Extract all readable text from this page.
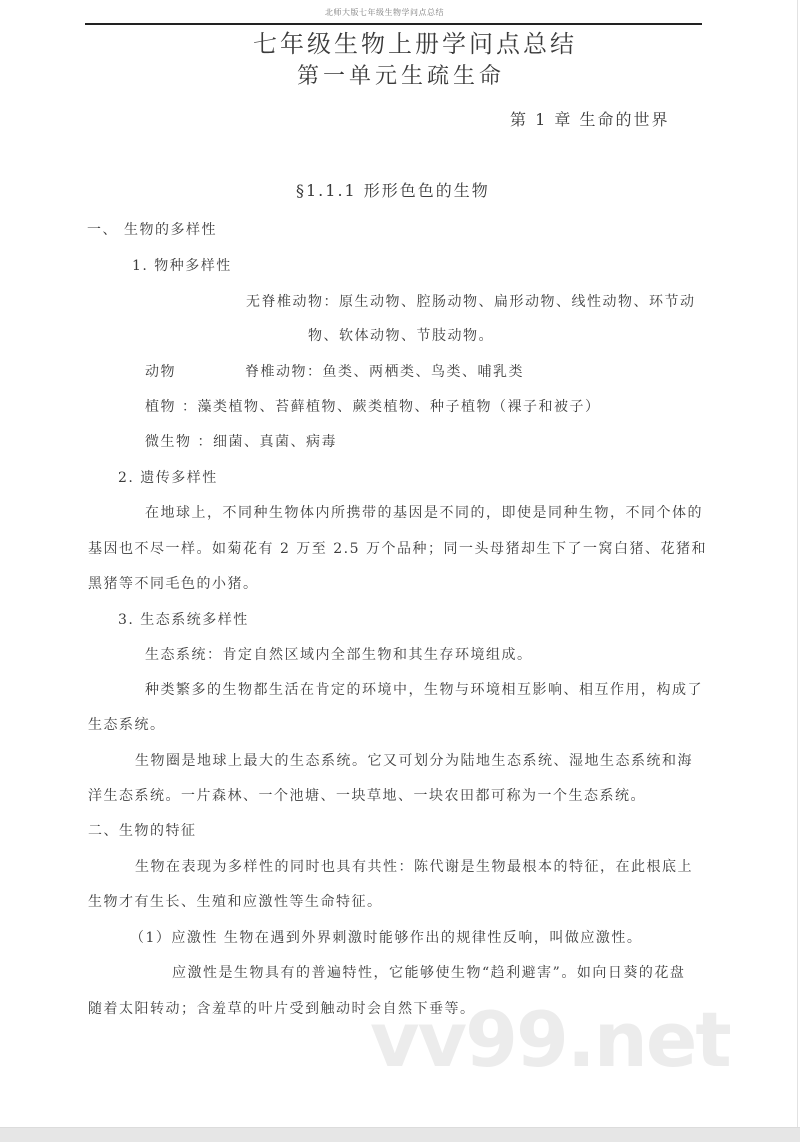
北师大版七年级生物学问点总结
七年级生物上册学问点总结
第一单元生疏生命
第 1 章 生命的世界
§1.1.1 形形色色的生物
一、 生物的多样性
1. 物种多样性
无脊椎动物：原生动物、腔肠动物、扁形动物、线性动物、环节动
物、软体动物、节肢动物。
动物	脊椎动物：鱼类、两栖类、鸟类、哺乳类
植物 ：藻类植物、苔藓植物、蕨类植物、种子植物（裸子和被子）
微生物 ：细菌、真菌、病毒
2. 遗传多样性
在地球上，不同种生物体内所携带的基因是不同的，即使是同种生物，不同个体的
基因也不尽一样。如菊花有 2 万至 2.5 万个品种；同一头母猪却生下了一窝白猪、花猪和
黑猪等不同毛色的小猪。
3. 生态系统多样性
生态系统：肯定自然区域内全部生物和其生存环境组成。
种类繁多的生物都生活在肯定的环境中，生物与环境相互影响、相互作用，构成了
生态系统。
生物圈是地球上最大的生态系统。它又可划分为陆地生态系统、湿地生态系统和海
洋生态系统。一片森林、一个池塘、一块草地、一块农田都可称为一个生态系统。
二、生物的特征
生物在表现为多样性的同时也具有共性：陈代谢是生物最根本的特征，在此根底上
生物才有生长、生殖和应激性等生命特征。
（1）应激性 生物在遇到外界刺激时能够作出的规律性反响，叫做应激性。
应激性是生物具有的普遍特性，它能够使生物“趋利避害”。如向日葵的花盘
随着太阳转动；含羞草的叶片受到触动时会自然下垂等。
vv99.net
